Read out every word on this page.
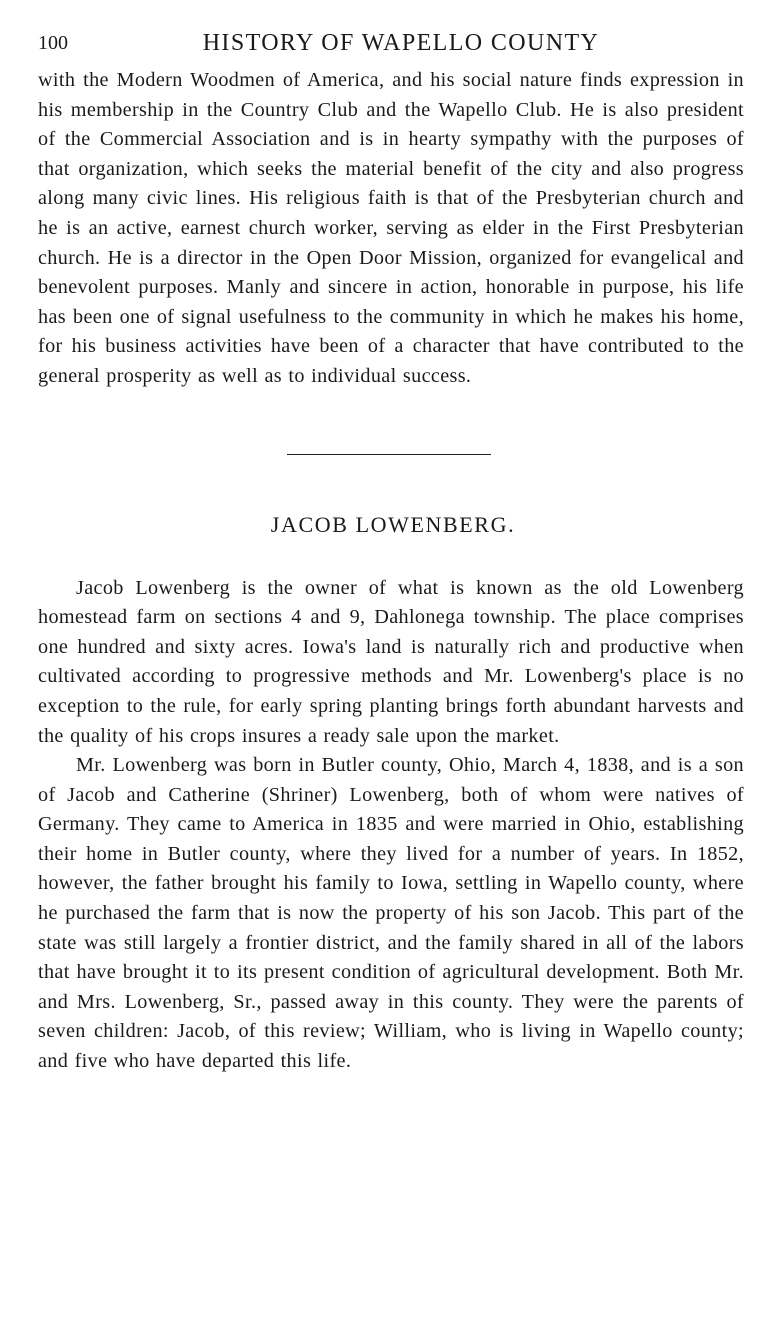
100	HISTORY OF WAPELLO COUNTY

with the Modern Woodmen of America, and his social nature finds expression in his membership in the Country Club and the Wapello Club. He is also president of the Commercial Association and is in hearty sympathy with the purposes of that organization, which seeks the material benefit of the city and also progress along many civic lines. His religious faith is that of the Presbyterian church and he is an active, earnest church worker, serving as elder in the First Presbyterian church. He is a director in the Open Door Mission, organized for evangelical and benevolent purposes. Manly and sincere in action, honorable in purpose, his life has been one of signal usefulness to the community in which he makes his home, for his business activities have been of a character that have contributed to the general prosperity as well as to individual success.

JACOB LOWENBERG.

Jacob Lowenberg is the owner of what is known as the old Lowenberg homestead farm on sections 4 and 9, Dahlonega township. The place comprises one hundred and sixty acres. Iowa's land is naturally rich and productive when cultivated according to progressive methods and Mr. Lowenberg's place is no exception to the rule, for early spring planting brings forth abundant harvests and the quality of his crops insures a ready sale upon the market.

Mr. Lowenberg was born in Butler county, Ohio, March 4, 1838, and is a son of Jacob and Catherine (Shriner) Lowenberg, both of whom were natives of Germany. They came to America in 1835 and were married in Ohio, establishing their home in Butler county, where they lived for a number of years. In 1852, however, the father brought his family to Iowa, settling in Wapello county, where he purchased the farm that is now the property of his son Jacob. This part of the state was still largely a frontier district, and the family shared in all of the labors that have brought it to its present condition of agricultural development. Both Mr. and Mrs. Lowenberg, Sr., passed away in this county. They were the parents of seven children: Jacob, of this review; William, who is living in Wapello county; and five who have departed this life.
